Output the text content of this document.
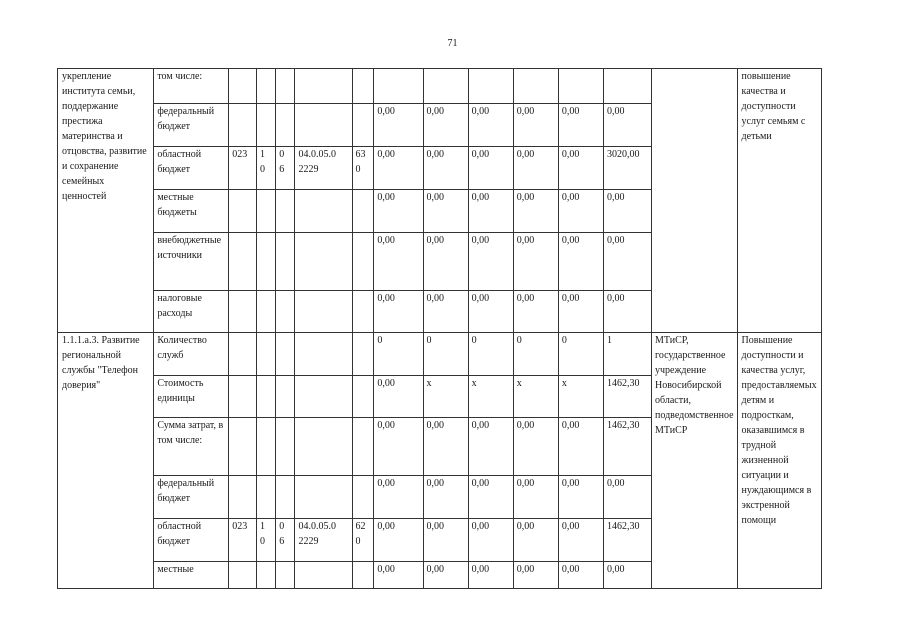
71
укрепление института семьи, поддержание престижа материнства и отцовства, развитие и сохранение семейных ценностей	том числе:													повышение качества и доступности услуг семьям с детьми
	федеральный бюджет						0,00	0,00	0,00	0,00	0,00	0,00		
	областной бюджет	023	1 0	0 6	04.0.05.0 2229	63 0	0,00	0,00	0,00	0,00	0,00	3020,00		
	местные бюджеты						0,00	0,00	0,00	0,00	0,00	0,00		
	внебюджетные источники						0,00	0,00	0,00	0,00	0,00	0,00		
	налоговые расходы						0,00	0,00	0,00	0,00	0,00	0,00		
1.1.1.a.3. Развитие региональной службы "Телефон доверия"	Количество служб						0	0	0	0	0	1	МТиСР, государственное учреждение Новосибирской области, подведомственное МТиСР	Повышение доступности и качества услуг, предоставляемых детям и подросткам, оказавшимся в трудной жизненной ситуации и нуждающимся в экстренной помощи
	Стоимость единицы						0,00	x	x	x	x	1462,30		
	Сумма затрат, в том числе:						0,00	0,00	0,00	0,00	0,00	1462,30		
	федеральный бюджет						0,00	0,00	0,00	0,00	0,00	0,00		
	областной бюджет	023	1 0	0 6	04.0.05.0 2229	62 0	0,00	0,00	0,00	0,00	0,00	1462,30		
	местные						0,00	0,00	0,00	0,00	0,00	0,00		
